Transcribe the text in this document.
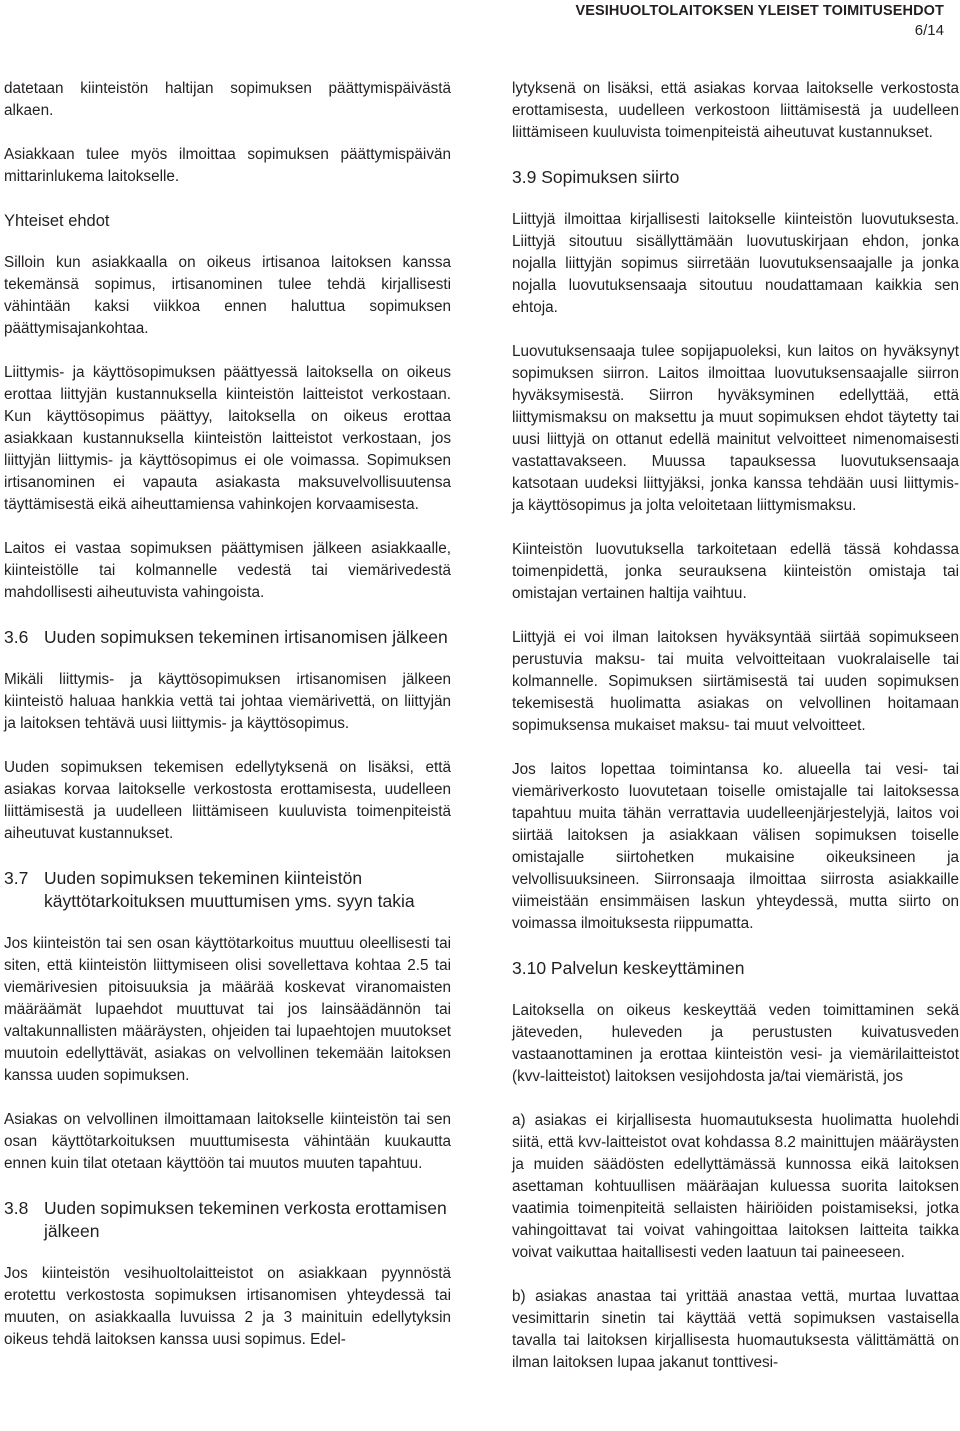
VESIHUOLTOLAITOKSEN YLEISET TOIMITUSEHDOT
6/14

datetaan kiinteistön haltijan sopimuksen päättymispäivästä alkaen.

Asiakkaan tulee myös ilmoittaa sopimuksen päättymispäivän mittarinlukema laitokselle.

Yhteiset ehdot

Silloin kun asiakkaalla on oikeus irtisanoa laitoksen kanssa tekemänsä sopimus, irtisanominen tulee tehdä kirjallisesti vähintään kaksi viikkoa ennen haluttua sopimuksen päättymisajankohtaa.

Liittymis- ja käyttösopimuksen päättyessä laitoksella on oikeus erottaa liittyjän kustannuksella kiinteistön laitteistot verkostaan. Kun käyttösopimus päättyy, laitoksella on oikeus erottaa asiakkaan kustannuksella kiinteistön laitteistot verkostaan, jos liittyjän liittymis- ja käyttösopimus ei ole voimassa. Sopimuksen irtisanominen ei vapauta asiakasta maksuvelvollisuutensa täyttämisestä eikä aiheuttamiensa vahinkojen korvaamisesta.

Laitos ei vastaa sopimuksen päättymisen jälkeen asiakkaalle, kiinteistölle tai kolmannelle vedestä tai viemärivedestä mahdollisesti aiheutuvista vahingoista.

3.6 Uuden sopimuksen tekeminen irtisanomisen jälkeen

Mikäli liittymis- ja käyttösopimuksen irtisanomisen jälkeen kiinteistö haluaa hankkia vettä tai johtaa viemärivettä, on liittyjän ja laitoksen tehtävä uusi liittymis- ja käyttösopimus.

Uuden sopimuksen tekemisen edellytyksenä on lisäksi, että asiakas korvaa laitokselle verkostosta erottamisesta, uudelleen liittämisestä ja uudelleen liittämiseen kuuluvista toimenpiteistä aiheutuvat kustannukset.

3.7 Uuden sopimuksen tekeminen kiinteistön käyttötarkoituksen muuttumisen yms. syyn takia

Jos kiinteistön tai sen osan käyttötarkoitus muuttuu oleellisesti tai siten, että kiinteistön liittymiseen olisi sovellettava kohtaa 2.5 tai viemärivesien pitoisuuksia ja määrää koskevat viranomaisten määräämät lupaehdot muuttuvat tai jos lainsäädännön tai valtakunnallisten määräysten, ohjeiden tai lupaehtojen muutokset muutoin edellyttävät, asiakas on velvollinen tekemään laitoksen kanssa uuden sopimuksen.

Asiakas on velvollinen ilmoittamaan laitokselle kiinteistön tai sen osan käyttötarkoituksen muuttumisesta vähintään kuukautta ennen kuin tilat otetaan käyttöön tai muutos muuten tapahtuu.

3.8 Uuden sopimuksen tekeminen verkosta erottamisen jälkeen

Jos kiinteistön vesihuoltolaitteistot on asiakkaan pyynnöstä erotettu verkostosta sopimuksen irtisanomisen yhteydessä tai muuten, on asiakkaalla luvuissa 2 ja 3 mainituin edellytyksin oikeus tehdä laitoksen kanssa uusi sopimus. Edel-

lytyksenä on lisäksi, että asiakas korvaa laitokselle verkostosta erottamisesta, uudelleen verkostoon liittämisestä ja uudelleen liittämiseen kuuluvista toimenpiteistä aiheutuvat kustannukset.

3.9 Sopimuksen siirto

Liittyjä ilmoittaa kirjallisesti laitokselle kiinteistön luovutuksesta. Liittyjä sitoutuu sisällyttämään luovutuskirjaan ehdon, jonka nojalla liittyjän sopimus siirretään luovutuksensaajalle ja jonka nojalla luovutuksensaaja sitoutuu noudattamaan kaikkia sen ehtoja.

Luovutuksensaaja tulee sopijapuoleksi, kun laitos on hyväksynyt sopimuksen siirron. Laitos ilmoittaa luovutuksensaajalle siirron hyväksymisestä. Siirron hyväksyminen edellyttää, että liittymismaksu on maksettu ja muut sopimuksen ehdot täytetty tai uusi liittyjä on ottanut edellä mainitut velvoitteet nimenomaisesti vastattavakseen. Muussa tapauksessa luovutuksensaaja katsotaan uudeksi liittyjäksi, jonka kanssa tehdään uusi liittymis- ja käyttösopimus ja jolta veloitetaan liittymismaksu.

Kiinteistön luovutuksella tarkoitetaan edellä tässä kohdassa toimenpidettä, jonka seurauksena kiinteistön omistaja tai omistajan vertainen haltija vaihtuu.

Liittyjä ei voi ilman laitoksen hyväksyntää siirtää sopimukseen perustuvia maksu- tai muita velvoitteitaan vuokralaiselle tai kolmannelle. Sopimuksen siirtämisestä tai uuden sopimuksen tekemisestä huolimatta asiakas on velvollinen hoitamaan sopimuksensa mukaiset maksu- tai muut velvoitteet.

Jos laitos lopettaa toimintansa ko. alueella tai vesi- tai viemäriverkosto luovutetaan toiselle omistajalle tai laitoksessa tapahtuu muita tähän verrattavia uudelleenjärjestelyjä, laitos voi siirtää laitoksen ja asiakkaan välisen sopimuksen toiselle omistajalle siirtohetken mukaisine oikeuksineen ja velvollisuuksineen. Siirronsaaja ilmoittaa siirrosta asiakkaille viimeistään ensimmäisen laskun yhteydessä, mutta siirto on voimassa ilmoituksesta riippumatta.

3.10 Palvelun keskeyttäminen

Laitoksella on oikeus keskeyttää veden toimittaminen sekä jäteveden, huleveden ja perustusten kuivatusveden vastaanottaminen ja erottaa kiinteistön vesi- ja viemärilaitteistot (kvv-laitteistot) laitoksen vesijohdosta ja/tai viemäristä, jos

a) asiakas ei kirjallisesta huomautuksesta huolimatta huolehdi siitä, että kvv-laitteistot ovat kohdassa 8.2 mainittujen määräysten ja muiden säädösten edellyttämässä kunnossa eikä laitoksen asettaman kohtuullisen määräajan kuluessa suorita laitoksen vaatimia toimenpiteitä sellaisten häiriöiden poistamiseksi, jotka vahingoittavat tai voivat vahingoittaa laitoksen laitteita taikka voivat vaikuttaa haitallisesti veden laatuun tai paineeseen.

b) asiakas anastaa tai yrittää anastaa vettä, murtaa luvattaa vesimittarin sinetin tai käyttää vettä sopimuksen vastaisella tavalla tai laitoksen kirjallisesta huomautuksesta välittämättä on ilman laitoksen lupaa jakanut tonttivesi-
